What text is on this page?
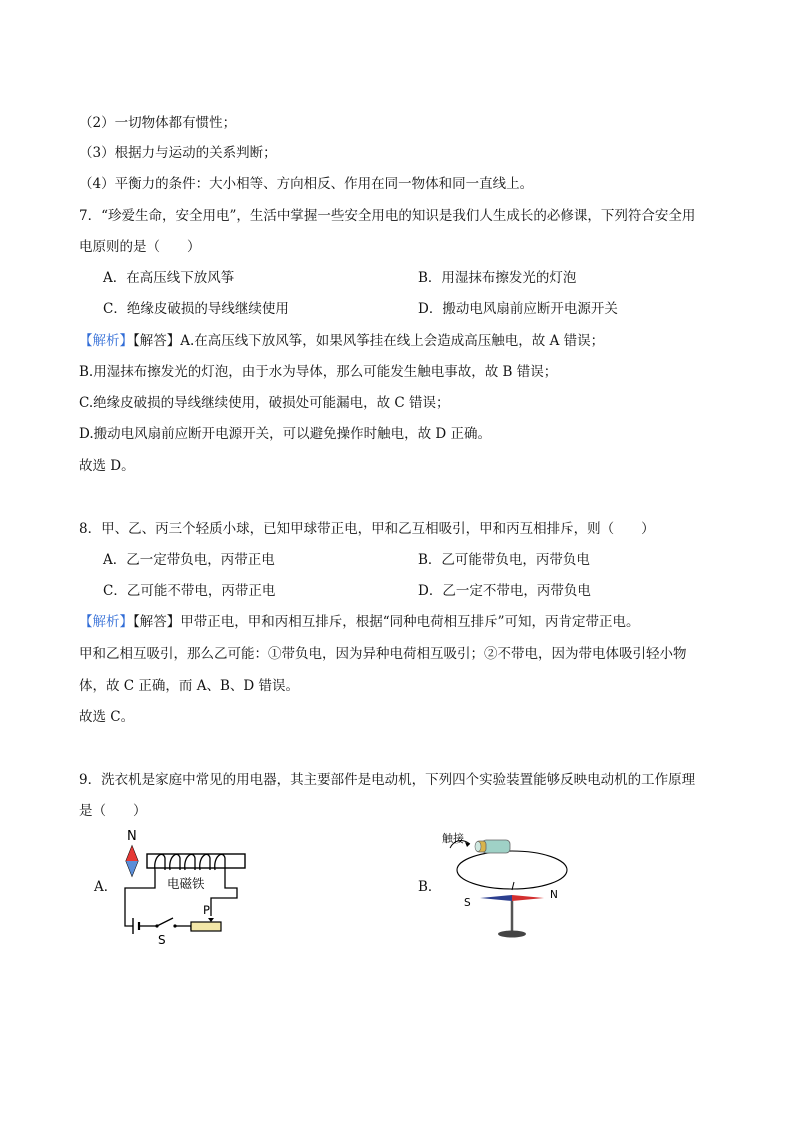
（2）一切物体都有惯性；
（3）根据力与运动的关系判断；
（4）平衡力的条件：大小相等、方向相反、作用在同一物体和同一直线上。
7．“珍爱生命，安全用电”，生活中掌握一些安全用电的知识是我们人生成长的必修课，下列符合安全用
电原则的是（　　）
A．在高压线下放风筝	B．用湿抹布擦发光的灯泡
C．绝缘皮破损的导线继续使用	D．搬动电风扇前应断开电源开关
【解析】【解答】A.在高压线下放风筝，如果风筝挂在线上会造成高压触电，故 A 错误；
B.用湿抹布擦发光的灯泡，由于水为导体，那么可能发生触电事故，故 B 错误；
C.绝缘皮破损的导线继续使用，破损处可能漏电，故 C 错误；
D.搬动电风扇前应断开电源开关，可以避免操作时触电，故 D 正确。
故选 D。
8．甲、乙、丙三个轻质小球，已知甲球带正电，甲和乙互相吸引，甲和丙互相排斥，则（　　）
A．乙一定带负电，丙带正电	B．乙可能带负电，丙带负电
C．乙可能不带电，丙带正电	D．乙一定不带电，丙带负电
【解析】【解答】甲带正电，甲和丙相互排斥，根据“同种电荷相互排斥”可知，丙肯定带正电。
甲和乙相互吸引，那么乙可能：①带负电，因为异种电荷相互吸引；②不带电，因为带电体吸引轻小物
体，故 C 正确，而 A、B、D 错误。
故选 C。
9．洗衣机是家庭中常见的用电器，其主要部件是电动机，下列四个实验装置能够反映电动机的工作原理
是（　　）
A．	B．
N
电磁铁
P
S
触接
S
N
